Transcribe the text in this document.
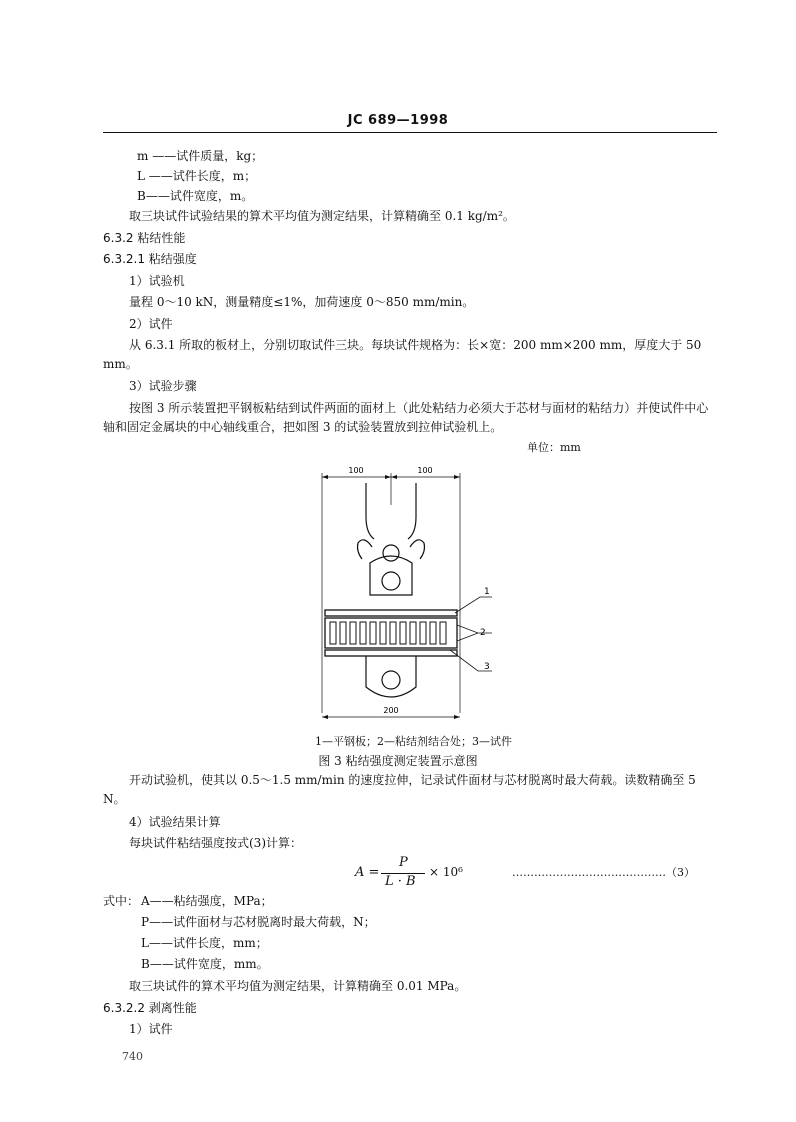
JC 689—1998
m ——试件质量，kg；
L ——试件长度，m；
B——试件宽度，m。
取三块试件试验结果的算术平均值为测定结果，计算精确至 0.1 kg/m²。
6.3.2 粘结性能
6.3.2.1 粘结强度
1）试验机
量程 0～10 kN，测量精度≤1%，加荷速度 0～850 mm/min。
2）试件
从 6.3.1 所取的板材上，分别切取试件三块。每块试件规格为：长×宽：200 mm×200 mm，厚度大于 50 mm。
3）试验步骤
按图 3 所示装置把平钢板粘结到试件两面的面材上（此处粘结力必须大于芯材与面材的粘结力）并使试件中心轴和固定金属块的中心轴线重合，把如图 3 的试验装置放到拉伸试验机上。
单位：mm
100	100
200
1
2
3
1—平钢板；2—粘结剂结合处；3—试件
图 3 粘结强度测定装置示意图
开动试验机，使其以 0.5～1.5 mm/min 的速度拉伸，记录试件面材与芯材脱离时最大荷载。读数精确至 5 N。
4）试验结果计算
每块试件粘结强度按式(3)计算：
A =
P
L · B
× 10⁶	……………………………………（3）
式中： A——粘结强度，MPa；
P——试件面材与芯材脱离时最大荷载，N；
L——试件长度，mm；
B——试件宽度，mm。
取三块试件的算术平均值为测定结果，计算精确至 0.01 MPa。
6.3.2.2 剥离性能
1）试件
740
